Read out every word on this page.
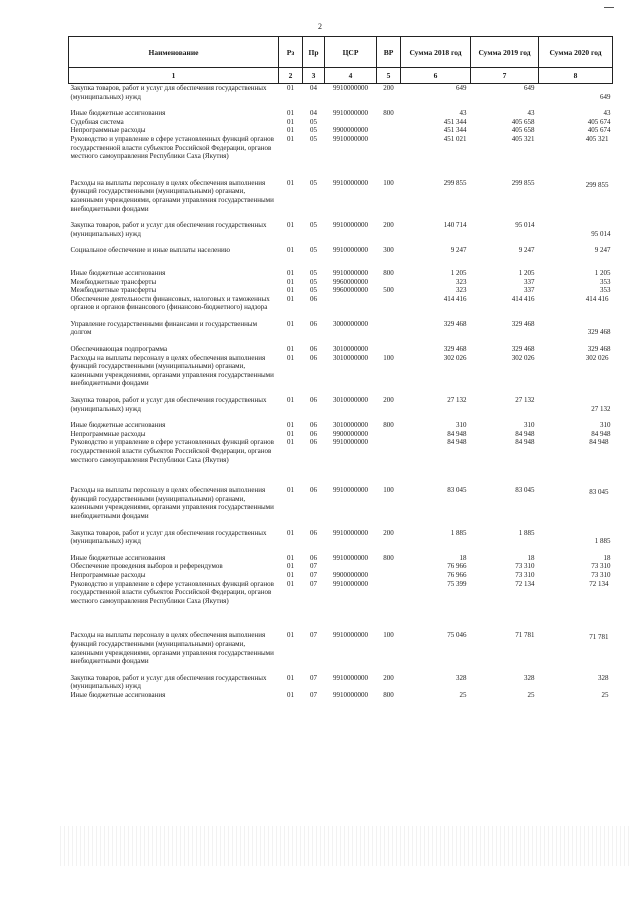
2
Наименование	Рз	Пр	ЦСР	ВР	Сумма 2018 год	Сумма 2019 год	Сумма 2020 год
1	2	3	4	5	6	7	8
Закупка товаров, работ и услуг для обеспечения государственных (муниципальных) нужд	01	04	9910000000	200	649	649	649

Иные бюджетные ассигнования	01	04	9910000000	800	43	43	43
Судебная система	01	05			451 344	405 658	405 674
Непрограммные расходы	01	05	9900000000		451 344	405 658	405 674
Руководство и управление в сфере установленных функций органов государственной власти субъектов Российской Федерации, органов местного самоуправления Республики Саха (Якутия)	01	05	9910000000		451 021	405 321	405 321

Расходы на выплаты персоналу в целях обеспечения выполнения функций государственными (муниципальными) органами, казенными учреждениями, органами управления государственными внебюджетными фондами	01	05	9910000000	100	299 855	299 855	299 855

Закупка товаров, работ и услуг для обеспечения государственных (муниципальных) нужд	01	05	9910000000	200	140 714	95 014	95 014

Социальное обеспечение и иные выплаты населению	01	05	9910000000	300	9 247	9 247	9 247

Иные бюджетные ассигнования	01	05	9910000000	800	1 205	1 205	1 205
Межбюджетные трансферты	01	05	9960000000		323	337	353
Межбюджетные трансферты	01	05	9960000000	500	323	337	353
Обеспечение деятельности финансовых, налоговых и таможенных органов и органов финансового (финансово-бюджетного) надзора	01	06			414 416	414 416	414 416

Управление государственными финансами и государственным долгом	01	06	3000000000		329 468	329 468	329 468

Обеспечивающая подпрограмма	01	06	3010000000		329 468	329 468	329 468
Расходы на выплаты персоналу в целях обеспечения выполнения функций государственными (муниципальными) органами, казенными учреждениями, органами управления государственными внебюджетными фондами	01	06	3010000000	100	302 026	302 026	302 026

Закупка товаров, работ и услуг для обеспечения государственных (муниципальных) нужд	01	06	3010000000	200	27 132	27 132	27 132

Иные бюджетные ассигнования	01	06	3010000000	800	310	310	310
Непрограммные расходы	01	06	9900000000		84 948	84 948	84 948
Руководство и управление в сфере установленных функций органов государственной власти субъектов Российской Федерации, органов местного самоуправления Республики Саха (Якутия)	01	06	9910000000		84 948	84 948	84 948

Расходы на выплаты персоналу в целях обеспечения выполнения функций государственными (муниципальными) органами, казенными учреждениями, органами управления государственными внебюджетными фондами	01	06	9910000000	100	83 045	83 045	83 045

Закупка товаров, работ и услуг для обеспечения государственных (муниципальных) нужд	01	06	9910000000	200	1 885	1 885	1 885

Иные бюджетные ассигнования	01	06	9910000000	800	18	18	18
Обеспечение проведения выборов и референдумов	01	07			76 966	73 310	73 310
Непрограммные расходы	01	07	9900000000		76 966	73 310	73 310
Руководство и управление в сфере установленных функций органов государственной власти субъектов Российской Федерации, органов местного самоуправления Республики Саха (Якутия)	01	07	9910000000		75 399	72 134	72 134

Расходы на выплаты персоналу в целях обеспечения выполнения функций государственными (муниципальными) органами, казенными учреждениями, органами управления государственными внебюджетными фондами	01	07	9910000000	100	75 046	71 781	71 781

Закупка товаров, работ и услуг для обеспечения государственных (муниципальных) нужд	01	07	9910000000	200	328	328	328
Иные бюджетные ассигнования	01	07	9910000000	800	25	25	25
